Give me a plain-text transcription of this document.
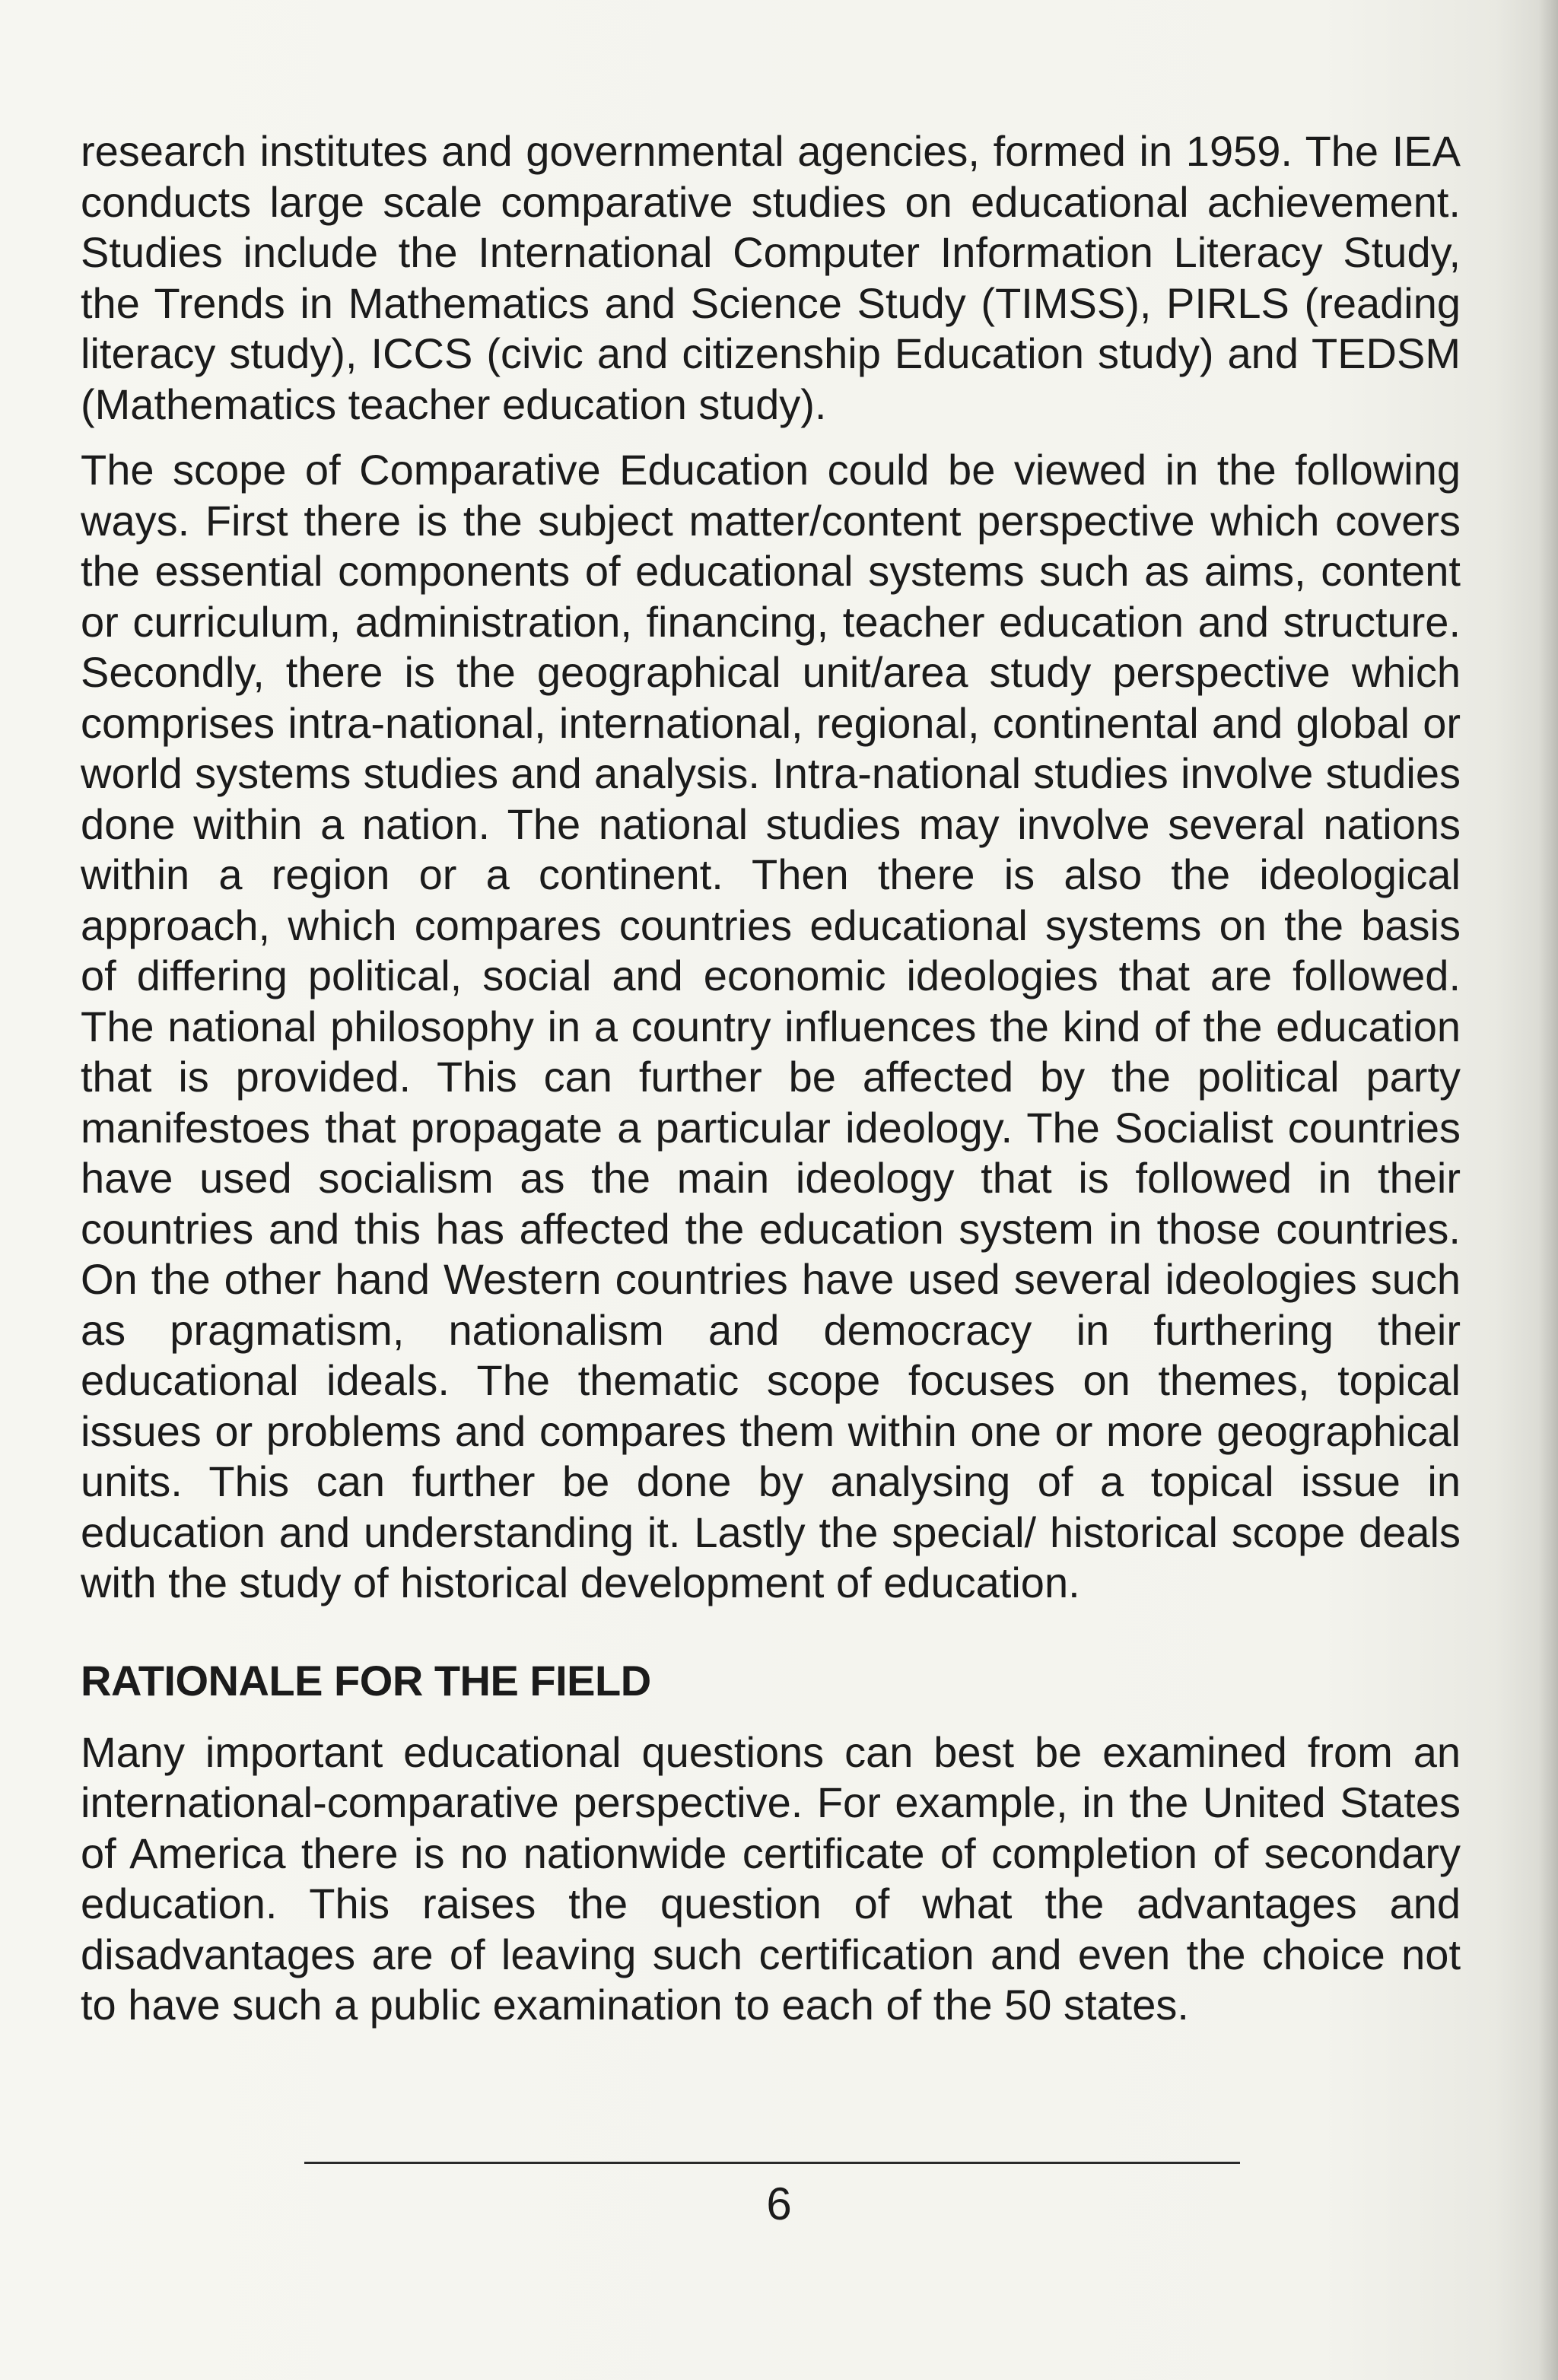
research institutes and governmental agencies, formed in 1959. The IEA conducts large scale comparative studies on educational achievement. Studies include the International Computer Information Literacy Study, the Trends in Mathematics and Science Study (TIMSS), PIRLS (reading literacy study), ICCS (civic and citizenship Education study) and TEDSM (Mathematics teacher education study).

The scope of Comparative Education could be viewed in the following ways. First there is the subject matter/content perspective which covers the essential components of educational systems such as aims, content or curriculum, administration, financing, teacher education and structure. Secondly, there is the geographical unit/area study perspective which comprises intra-national, international, regional, continental and global or world systems studies and analysis. Intra-national studies involve studies done within a nation. The national studies may involve several nations within a region or a continent. Then there is also the ideological approach, which compares countries educational systems on the basis of differing political, social and economic ideologies that are followed. The national philosophy in a country influences the kind of the education that is provided. This can further be affected by the political party manifestoes that propagate a particular ideology. The Socialist countries have used socialism as the main ideology that is followed in their countries and this has affected the education system in those countries. On the other hand Western countries have used several ideologies such as pragmatism, nationalism and democracy in furthering their educational ideals. The thematic scope focuses on themes, topical issues or problems and compares them within one or more geographical units. This can further be done by analysing of a topical issue in education and understanding it. Lastly the special/ historical scope deals with the study of historical development of education.

RATIONALE FOR THE FIELD

Many important educational questions can best be examined from an international-comparative perspective. For example, in the United States of America there is no nationwide certificate of completion of secondary education. This raises the question of what the advantages and disadvantages are of leaving such certification and even the choice not to have such a public examination to each of the 50 states.

6
